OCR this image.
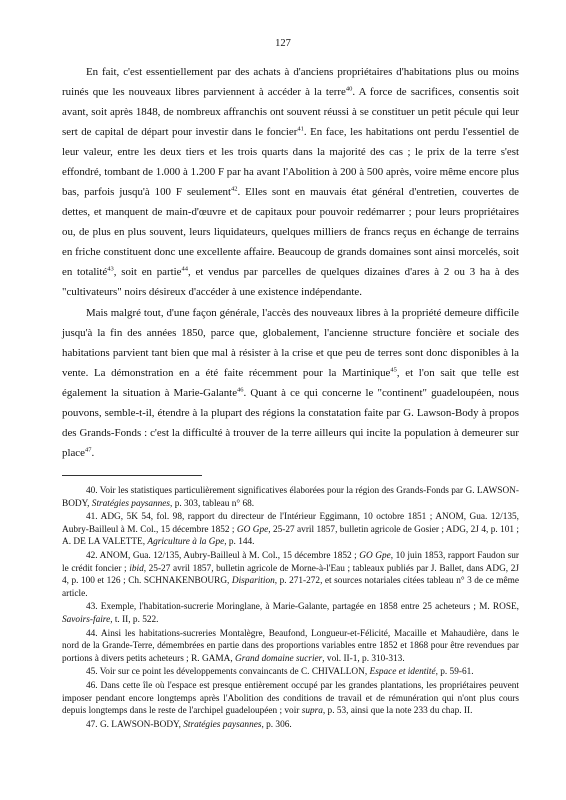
127

En fait, c'est essentiellement par des achats à d'anciens propriétaires d'habitations plus ou moins ruinés que les nouveaux libres parviennent à accéder à la terre$^{40}$. A force de sacrifices, consentis soit avant, soit après 1848, de nombreux affranchis ont souvent réussi à se constituer un petit pécule qui leur sert de capital de départ pour investir dans le foncier$^{41}$. En face, les habitations ont perdu l'essentiel de leur valeur, entre les deux tiers et les trois quarts dans la majorité des cas ; le prix de la terre s'est effondré, tombant de 1.000 à 1.200 F par ha avant l'Abolition à 200 à 500 après, voire même encore plus bas, parfois jusqu'à 100 F seulement$^{42}$. Elles sont en mauvais état général d'entretien, couvertes de dettes, et manquent de main-d'œuvre et de capitaux pour pouvoir redémarrer ; pour leurs propriétaires ou, de plus en plus souvent, leurs liquidateurs, quelques milliers de francs reçus en échange de terrains en friche constituent donc une excellente affaire. Beaucoup de grands domaines sont ainsi morcelés, soit en totalité$^{43}$, soit en partie$^{44}$, et vendus par parcelles de quelques dizaines d'ares à 2 ou 3 ha à des "cultivateurs" noirs désireux d'accéder à une existence indépendante.

Mais malgré tout, d'une façon générale, l'accès des nouveaux libres à la propriété demeure difficile jusqu'à la fin des années 1850, parce que, globalement, l'ancienne structure foncière et sociale des habitations parvient tant bien que mal à résister à la crise et que peu de terres sont donc disponibles à la vente. La démonstration en a été faite récemment pour la Martinique$^{45}$, et l'on sait que telle est également la situation à Marie-Galante$^{46}$. Quant à ce qui concerne le "continent" guadeloupéen, nous pouvons, semble-t-il, étendre à la plupart des régions la constatation faite par G. Lawson-Body à propos des Grands-Fonds : c'est la difficulté à trouver de la terre ailleurs qui incite la population à demeurer sur place$^{47}$.

40. Voir les statistiques particulièrement significatives élaborées pour la région des Grands-Fonds par G. LAWSON-BODY, Stratégies paysannes, p. 303, tableau n° 68.

41. ADG, 5K 54, fol. 98, rapport du directeur de l'Intérieur Eggimann, 10 octobre 1851 ; ANOM, Gua. 12/135, Aubry-Bailleul à M. Col., 15 décembre 1852 ; GO Gpe, 25-27 avril 1857, bulletin agricole de Gosier ; ADG, 2J 4, p. 101 ; A. DE LA VALETTE, Agriculture à la Gpe, p. 144.

42. ANOM, Gua. 12/135, Aubry-Bailleul à M. Col., 15 décembre 1852 ; GO Gpe, 10 juin 1853, rapport Faudon sur le crédit foncier ; ibid, 25-27 avril 1857, bulletin agricole de Morne-à-l'Eau ; tableaux publiés par J. Ballet, dans ADG, 2J 4, p. 100 et 126 ; Ch. SCHNAKENBOURG, Disparition, p. 271-272, et sources notariales citées tableau n° 3 de ce même article.

43. Exemple, l'habitation-sucrerie Moringlane, à Marie-Galante, partagée en 1858 entre 25 acheteurs ; M. ROSE, Savoirs-faire, t. II, p. 522.

44. Ainsi les habitations-sucreries Montalègre, Beaufond, Longueur-et-Félicité, Macaille et Mahaudière, dans le nord de la Grande-Terre, démembrées en partie dans des proportions variables entre 1852 et 1868 pour être revendues par portions à divers petits acheteurs ; R. GAMA, Grand domaine sucrier, vol. II-1, p. 310-313.

45. Voir sur ce point les développements convaincants de C. CHIVALLON, Espace et identité, p. 59-61.

46. Dans cette île où l'espace est presque entièrement occupé par les grandes plantations, les propriétaires peuvent imposer pendant encore longtemps après l'Abolition des conditions de travail et de rémunération qui n'ont plus cours depuis longtemps dans le reste de l'archipel guadeloupéen ; voir supra, p. 53, ainsi que la note 233 du chap. II.

47. G. LAWSON-BODY, Stratégies paysannes, p. 306.
